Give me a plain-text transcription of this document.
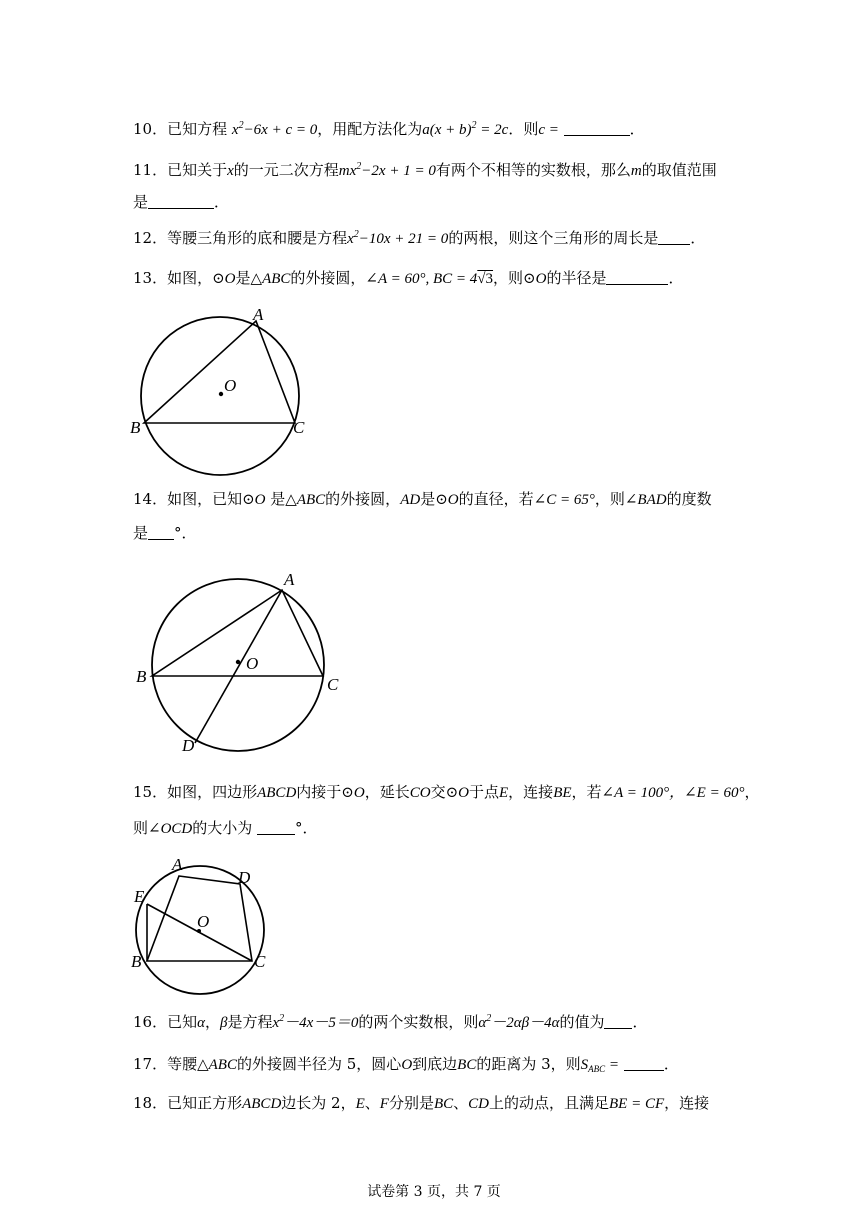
10．已知方程 $x^2-6x + c = 0$，用配方法化为$a(x + b)^2 = 2c$．则c =	．
11．已知关于x的一元二次方程$mx^2-2x + 1 = 0$有两个不相等的实数根，那么m的取值范围
是	．
12．等腰三角形的底和腰是方程$x^2-10x + 21 = 0$的两根，则这个三角形的周长是 ．
13．如图，⊙O是△ABC的外接圆，∠A = 60°, BC = 4√3，则⊙O的半径是	．
A
B	C
O
14．如图，已知⊙O 是△ABC的外接圆，AD是⊙O的直径，若∠C = 65°，则∠BAD的度数
是 °．
A
B	C
O
D
15．如图，四边形ABCD内接于⊙O，延长CO交⊙O于点E，连接BE，若∠A = 100°，∠E = 60°，
则∠OCD的大小为	°．
A
D
E
O
B	C
16．已知α，β是方程$x^2-4x-5=0$的两个实数根，则$\alpha^2-2\alpha\beta-4\alpha$的值为 ．
17．等腰△ABC的外接圆半径为 5，圆心O到底边BC的距离为 3，则$S_{ABC}$ =	．
18．已知正方形ABCD边长为 2，E、F分别是BC、CD上的动点，且满足BE = CF，连接
试卷第 3 页，共 7 页
